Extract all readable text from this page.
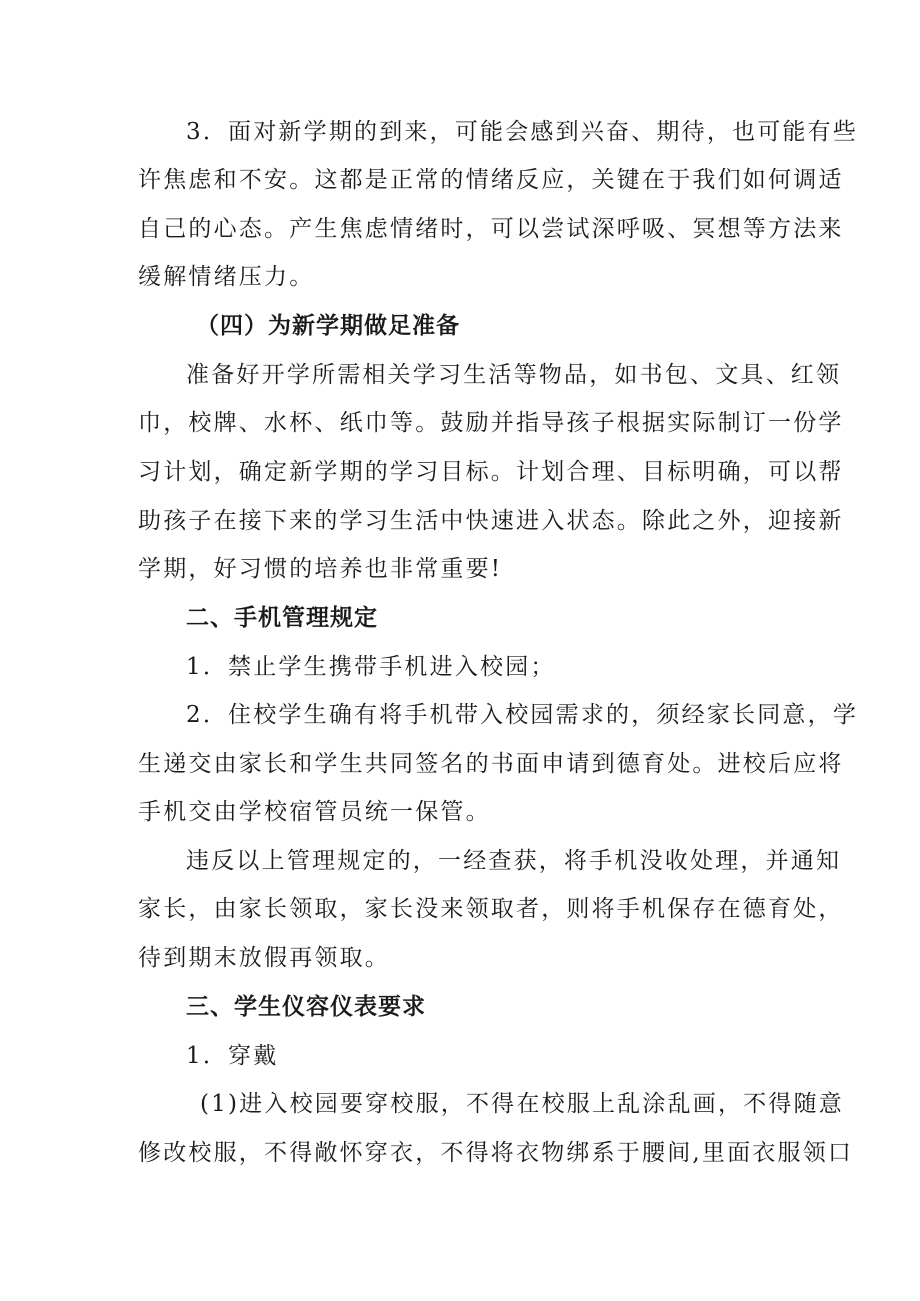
3．面对新学期的到来，可能会感到兴奋、期待，也可能有些
许焦虑和不安。这都是正常的情绪反应，关键在于我们如何调适
自己的心态。产生焦虑情绪时，可以尝试深呼吸、冥想等方法来
缓解情绪压力。
（四）为新学期做足准备
准备好开学所需相关学习生活等物品，如书包、文具、红领
巾，校牌、水杯、纸巾等。鼓励并指导孩子根据实际制订一份学
习计划，确定新学期的学习目标。计划合理、目标明确，可以帮
助孩子在接下来的学习生活中快速进入状态。除此之外，迎接新
学期，好习惯的培养也非常重要!
二、手机管理规定
1．禁止学生携带手机进入校园；
2．住校学生确有将手机带入校园需求的，须经家长同意，学
生递交由家长和学生共同签名的书面申请到德育处。进校后应将
手机交由学校宿管员统一保管。
违反以上管理规定的，一经查获，将手机没收处理，并通知
家长，由家长领取，家长没来领取者，则将手机保存在德育处，
待到期末放假再领取。
三、学生仪容仪表要求
1．穿戴
(1)进入校园要穿校服，不得在校服上乱涂乱画，不得随意
修改校服，不得敞怀穿衣，不得将衣物绑系于腰间,里面衣服领口
